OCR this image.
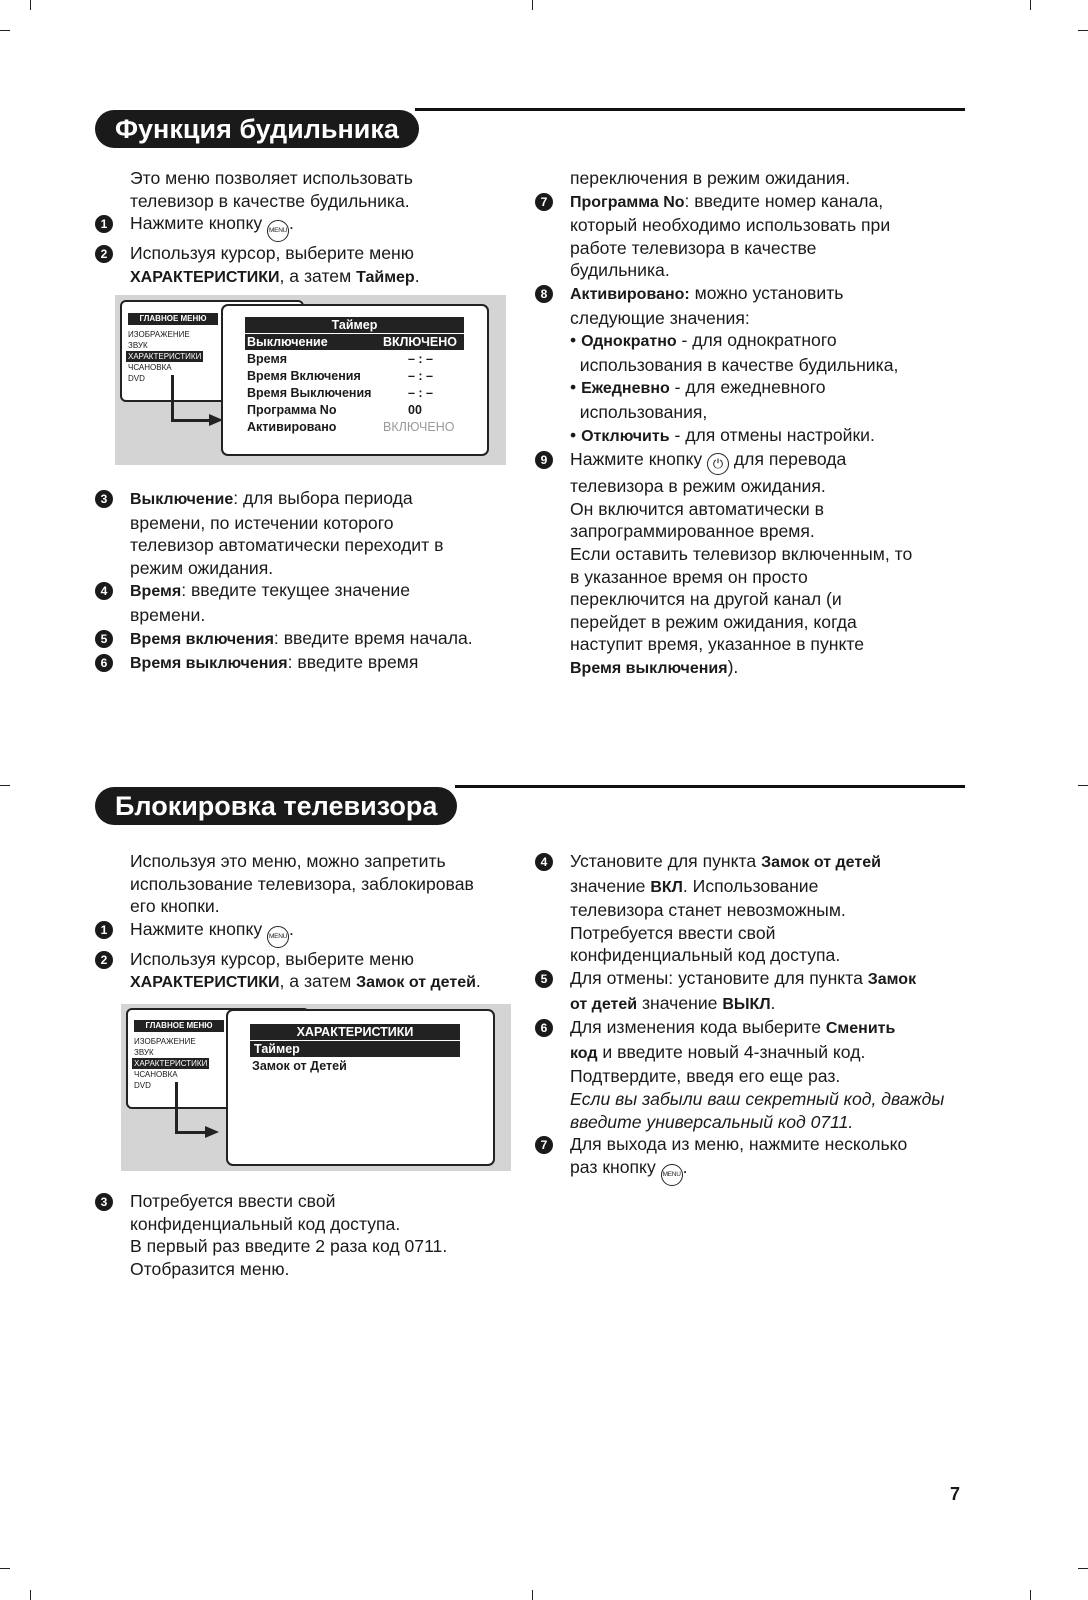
Функция будильника

Это меню позволяет использовать

телевизор в качестве будильника.

1	Нажмите кнопку MENU .

2	Используя курсор, выберите меню
ХАРАКТЕРИСТИКИ, а затем Таймер.

ГЛАВНОЕ МЕНЮ
ИЗОБРАЖЕНИЕ
ЗВУК
ХАРАКТЕРИСТИКИ
ЧСАНОВКА
DVD
Таймер
Выключение	ВКЛЮЧЕНО
Время	– : –
Время Включения	– : –
Время Выключения	– : –
Программа No	00
Активировано	ВКЛЮЧЕНО

3	Выключение: для выбора периода
времени, по истечении которого
телевизор автоматически переходит в
режим ожидания.

4	Время: введите текущее значение
времени.

5	Время включения: введите время начала.

6	Время выключения: введите время

переключения в режим ожидания.

7	Программа No: введите номер канала,
который необходимо использовать при
работе телевизора в качестве
будильника.

8	Активировано: можно установить
следующие значения:

• Однократно - для однократного
использования в качестве будильника,

• Ежедневно - для ежедневного
использования,

• Отключить - для отмены настройки.

9	Нажмите кнопку ⏻ для перевода
телевизора в режим ожидания.
Он включится автоматически в
запрограммированное время.
Если оставить телевизор включенным, то
в указанное время он просто
переключится на другой канал (и
перейдет в режим ожидания, когда
наступит время, указанное в пункте
Время выключения).

Блокировка телевизора

Используя это меню, можно запретить

использование телевизора, заблокировав

его кнопки.

1	Нажмите кнопку MENU .

2	Используя курсор, выберите меню
ХАРАКТЕРИСТИКИ, а затем Замок от детей.

ГЛАВНОЕ МЕНЮ
ИЗОБРАЖЕНИЕ
ЗВУК
ХАРАКТЕРИСТИКИ
ЧСАНОВКА
DVD
ХАРАКТЕРИСТИКИ
Таймер
Замок от Детей

3	Потребуется ввести свой
конфиденциальный код доступа.
В первый раз введите 2 раза код 0711.
Отобразится меню.

4	Установите для пункта Замок от детей
значение ВКЛ. Использование
телевизора станет невозможным.
Потребуется ввести свой
конфиденциальный код доступа.

5	Для отмены: установите для пункта Замок
от детей значение ВЫКЛ.

6	Для изменения кода выберите Сменить
код и введите новый 4-значный код.
Подтвердите, введя его еще раз.
Если вы забыли ваш секретный код, дважды
введите универсальный код 0711.

7	Для выхода из меню, нажмите несколько
раз кнопку MENU .

7
